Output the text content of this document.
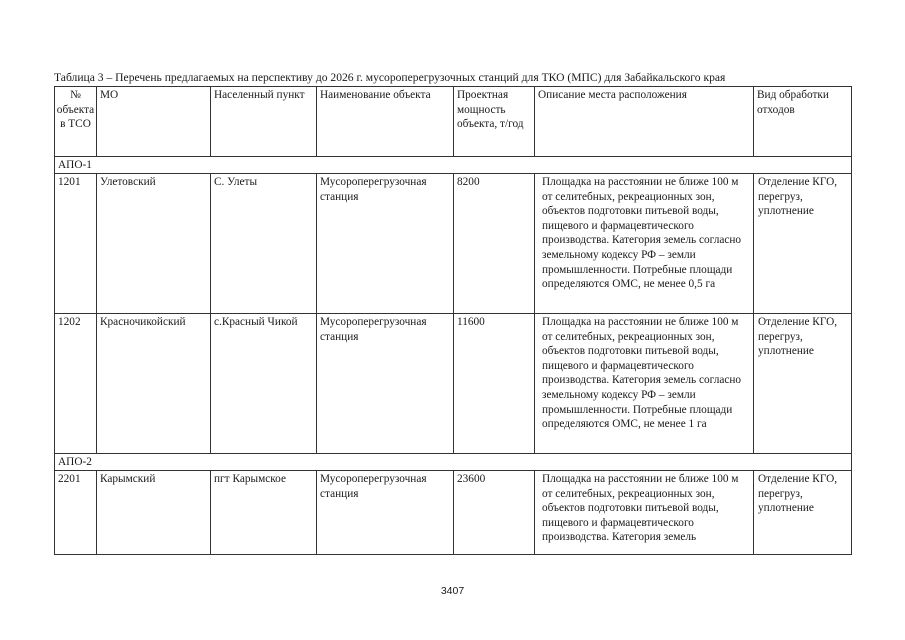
Таблица 3 – Перечень предлагаемых на перспективу до 2026 г. мусороперегрузочных станций для ТКО (МПС) для Забайкальского края
№ объекта в ТСО	МО	Населенный пункт	Наименование объекта	Проектная мощность объекта, т/год	Описание места расположения	Вид обработки отходов
АПО-1						
1201	Улетовский	С. Улеты	Мусороперегрузочная станция	8200	Площадка на расстоянии не ближе 100 м от селитебных, рекреационных зон, объектов подготовки питьевой воды, пищевого и фармацевтического производства. Категория земель согласно земельному кодексу РФ – земли промышленности. Потребные площади определяются ОМС, не менее 0,5 га	Отделение КГО, перегруз, уплотнение
1202	Красночикойский	с.Красный Чикой	Мусороперегрузочная станция	11600	Площадка на расстоянии не ближе 100 м от селитебных, рекреационных зон, объектов подготовки питьевой воды, пищевого и фармацевтического производства. Категория земель согласно земельному кодексу РФ – земли промышленности. Потребные площади определяются ОМС, не менее 1 га	Отделение КГО, перегруз, уплотнение
АПО-2						
2201	Карымский	пгт Карымское	Мусороперегрузочная станция	23600	Площадка на расстоянии не ближе 100 м от селитебных, рекреационных зон, объектов подготовки питьевой воды, пищевого и фармацевтического производства. Категория земель	Отделение КГО, перегруз, уплотнение
3407
